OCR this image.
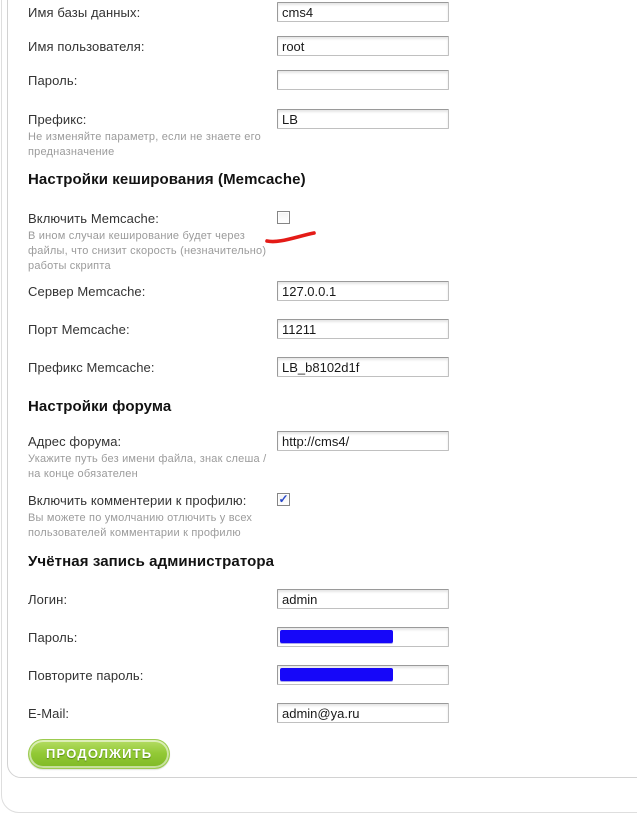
Имя базы данных:
cms4
Имя пользователя:
root
Пароль:
Префикс:
Не изменяйте параметр, если не знаете его предназначение
LB
Настройки кеширования (Memcache)
Включить Memcache:
В ином случаи кеширование будет через файлы, что снизит скорость (незначительно) работы скрипта
Сервер Memcache:
127.0.0.1
Порт Memcache:
11211
Префикс Memcache:
LB_b8102d1f
Настройки форума
Адрес форума:
Укажите путь без имени файла, знак слеша / на конце обязателен
http://cms4/
Включить комментерии к профилю:
Вы можете по умолчанию отлючить у всех пользователей комментарии к профилю
✓
Учётная запись администратора
Логин:
admin
Пароль:
Повторите пароль:
E-Mail:
admin@ya.ru
ПРОДОЛЖИТЬ
